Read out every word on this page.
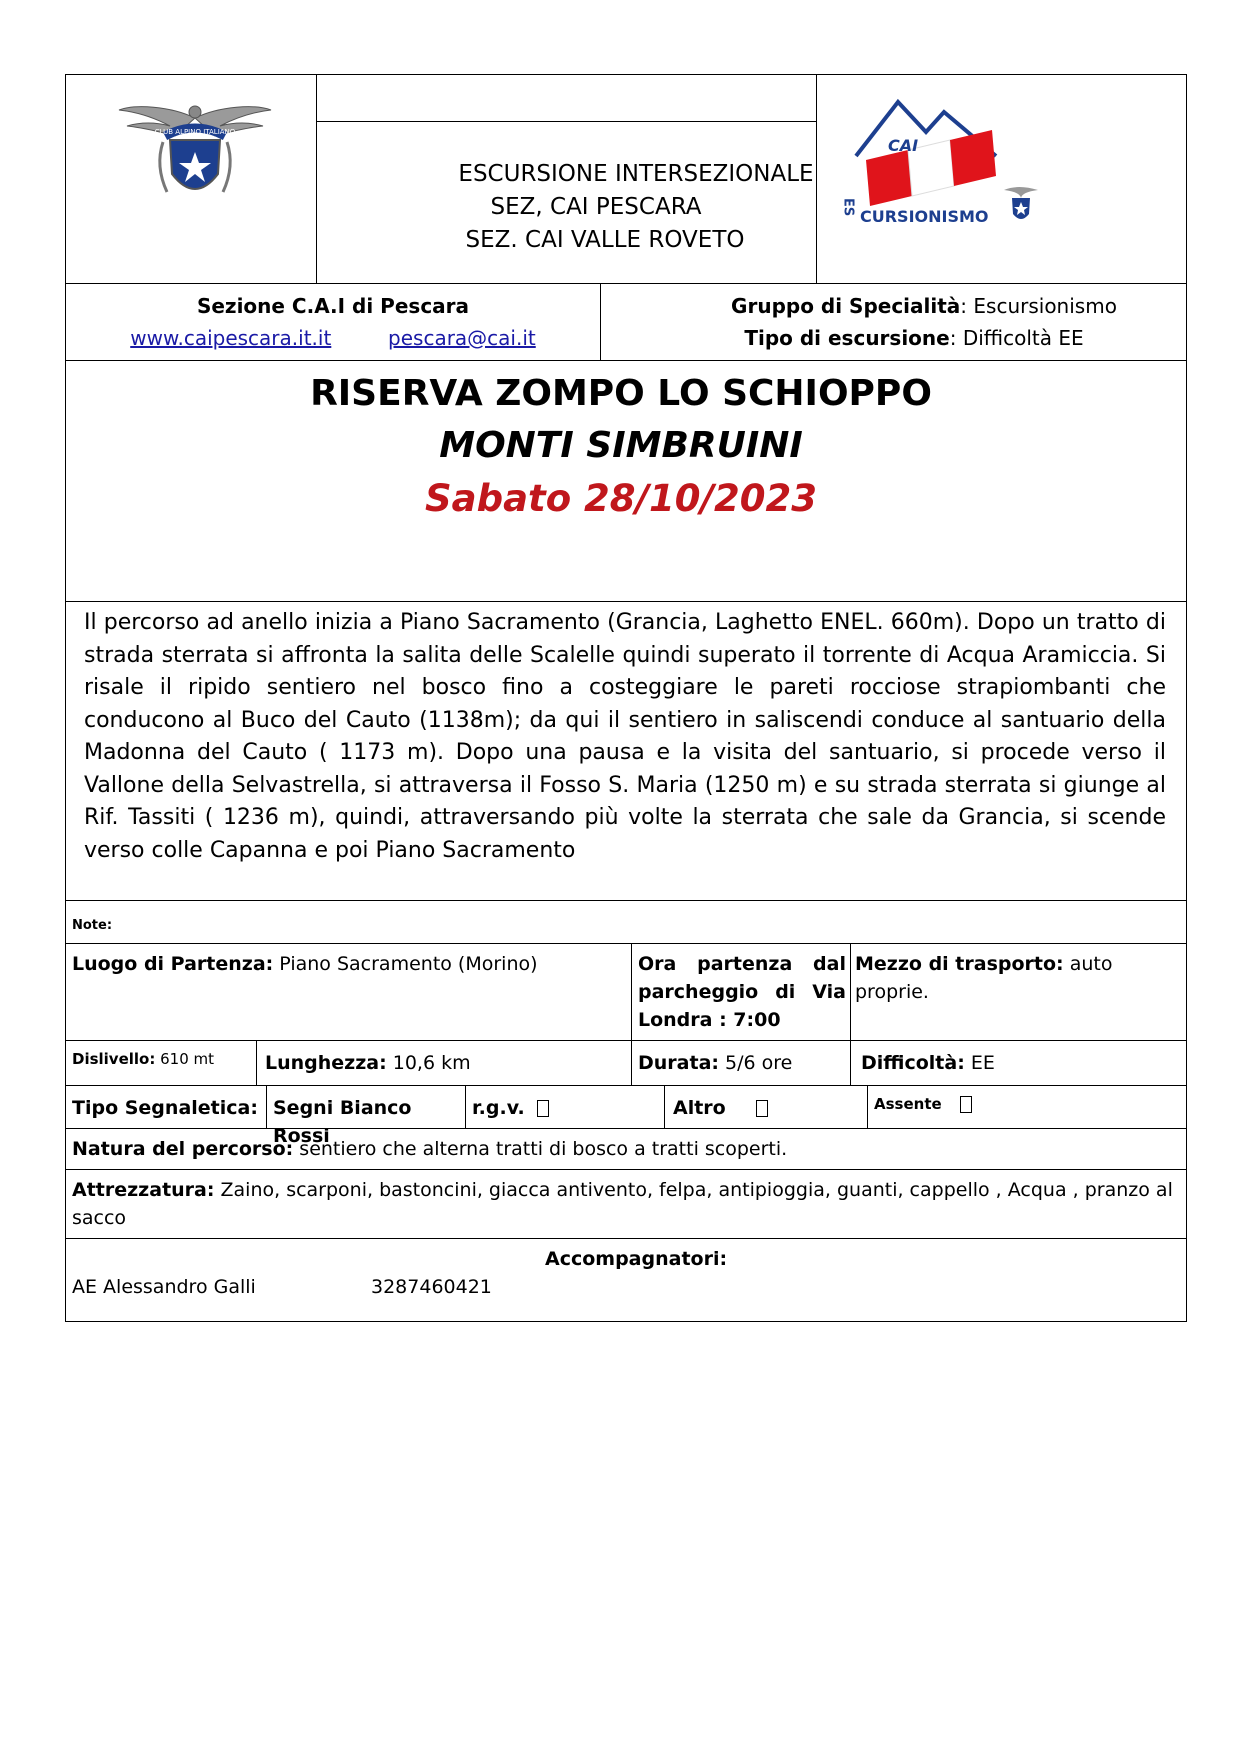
CLUB ALPINO ITALIANO
ESCURSIONE INTERSEZIONALE
SEZ, CAI PESCARA
SEZ. CAI VALLE ROVETO
CAI
ES CURSIONISMO
Sezione C.A.I di Pescara
www.caipescara.it.it	pescara@cai.it
Gruppo di Specialità: Escursionismo
Tipo di escursione: Difficoltà EE
RISERVA ZOMPO LO SCHIOPPO
MONTI SIMBRUINI
Sabato 28/10/2023
Il percorso ad anello inizia a Piano Sacramento (Grancia, Laghetto ENEL. 660m). Dopo un tratto di strada sterrata si affronta la salita delle Scalelle quindi superato il torrente di Acqua Aramiccia. Si risale il ripido sentiero nel bosco fino a costeggiare le pareti rocciose strapiombanti che conducono al Buco del Cauto (1138m); da qui il sentiero in saliscendi conduce al santuario della Madonna del Cauto ( 1173 m). Dopo una pausa e la visita del santuario, si procede verso il Vallone della Selvastrella, si attraversa il Fosso S. Maria (1250 m) e su strada sterrata si giunge al Rif. Tassiti ( 1236 m), quindi, attraversando più volte la sterrata che sale da Grancia, si scende verso colle Capanna e poi Piano Sacramento
Note:
Luogo di Partenza: Piano Sacramento (Morino)	Ora partenza dal parcheggio di Via Londra : 7:00
Mezzo di trasporto: auto proprie.
Dislivello: 610 mt	Lunghezza: 10,6 km	Durata: 5/6 ore	Difficoltà: EE
Tipo Segnaletica: Segni Bianco Rossi
r.g.v.	Altro	Assente
Natura del percorso: sentiero che alterna tratti di bosco a tratti scoperti.
Attrezzatura: Zaino, scarponi, bastoncini, giacca antivento, felpa, antipioggia, guanti, cappello , Acqua , pranzo al sacco
Accompagnatori:
AE Alessandro Galli	3287460421
